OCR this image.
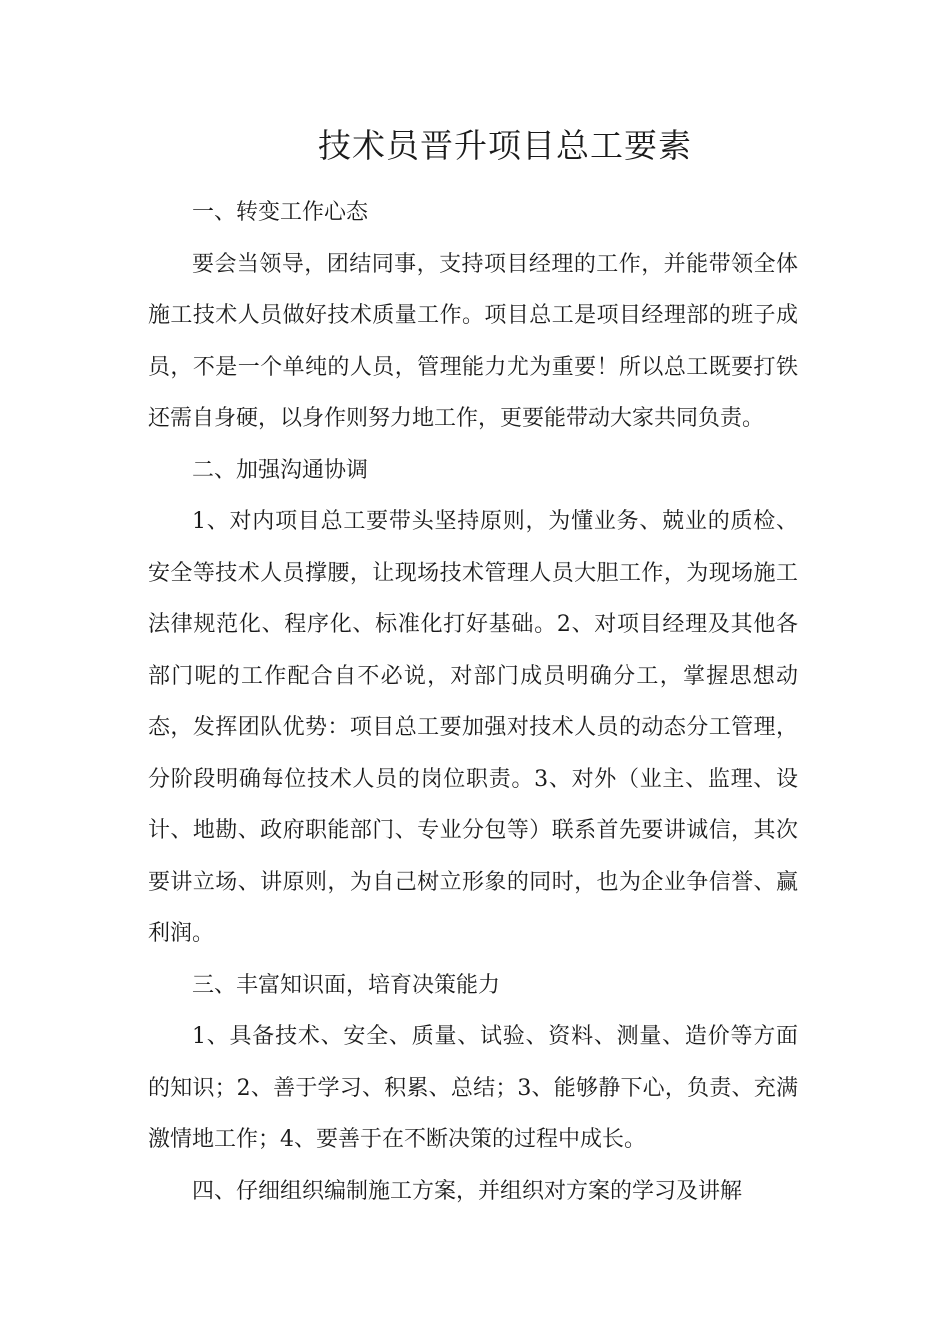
技术员晋升项目总工要素

一、转变工作心态

要会当领导，团结同事，支持项目经理的工作，并能带领全体施工技术人员做好技术质量工作。项目总工是项目经理部的班子成员，不是一个单纯的人员，管理能力尤为重要！所以总工既要打铁还需自身硬，以身作则努力地工作，更要能带动大家共同负责。

二、加强沟通协调

1、对内项目总工要带头坚持原则，为懂业务、兢业的质检、安全等技术人员撑腰，让现场技术管理人员大胆工作，为现场施工法律规范化、程序化、标准化打好基础。2、对项目经理及其他各部门呢的工作配合自不必说，对部门成员明确分工，掌握思想动态，发挥团队优势：项目总工要加强对技术人员的动态分工管理，分阶段明确每位技术人员的岗位职责。3、对外（业主、监理、设计、地勘、政府职能部门、专业分包等）联系首先要讲诚信，其次要讲立场、讲原则，为自己树立形象的同时，也为企业争信誉、赢利润。

三、丰富知识面，培育决策能力

1、具备技术、安全、质量、试验、资料、测量、造价等方面的知识；2、善于学习、积累、总结；3、能够静下心，负责、充满激情地工作；4、要善于在不断决策的过程中成长。

四、仔细组织编制施工方案，并组织对方案的学习及讲解
